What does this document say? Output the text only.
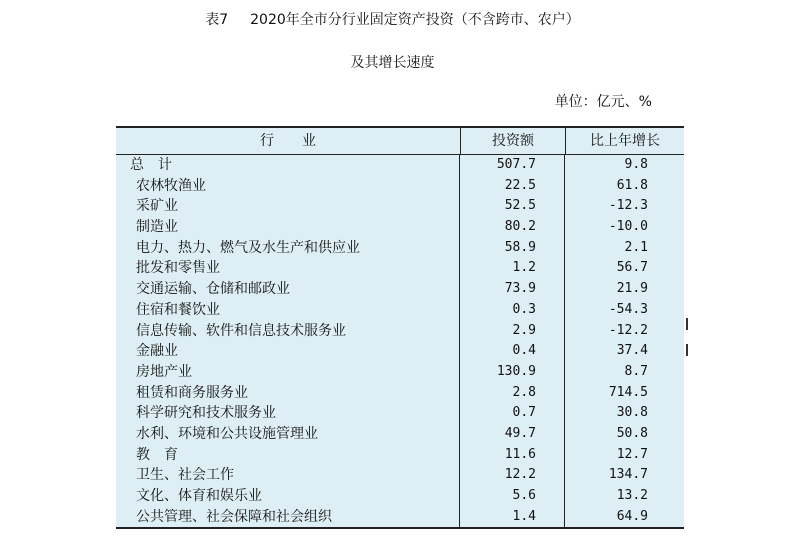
表7 2020年全市分行业固定资产投资（不含跨市、农户）
及其增长速度
单位：亿元、%
行　　业	投资额	比上年增长
总　计	507.7	9.8
农林牧渔业	22.5	61.8
采矿业	52.5	-12.3
制造业	80.2	-10.0
电力、热力、燃气及水生产和供应业	58.9	2.1
批发和零售业	1.2	56.7
交通运输、仓储和邮政业	73.9	21.9
住宿和餐饮业	0.3	-54.3
信息传输、软件和信息技术服务业	2.9	-12.2
金融业	0.4	37.4
房地产业	130.9	8.7
租赁和商务服务业	2.8	714.5
科学研究和技术服务业	0.7	30.8
水利、环境和公共设施管理业	49.7	50.8
教　育	11.6	12.7
卫生、社会工作	12.2	134.7
文化、体育和娱乐业	5.6	13.2
公共管理、社会保障和社会组织	1.4	64.9
